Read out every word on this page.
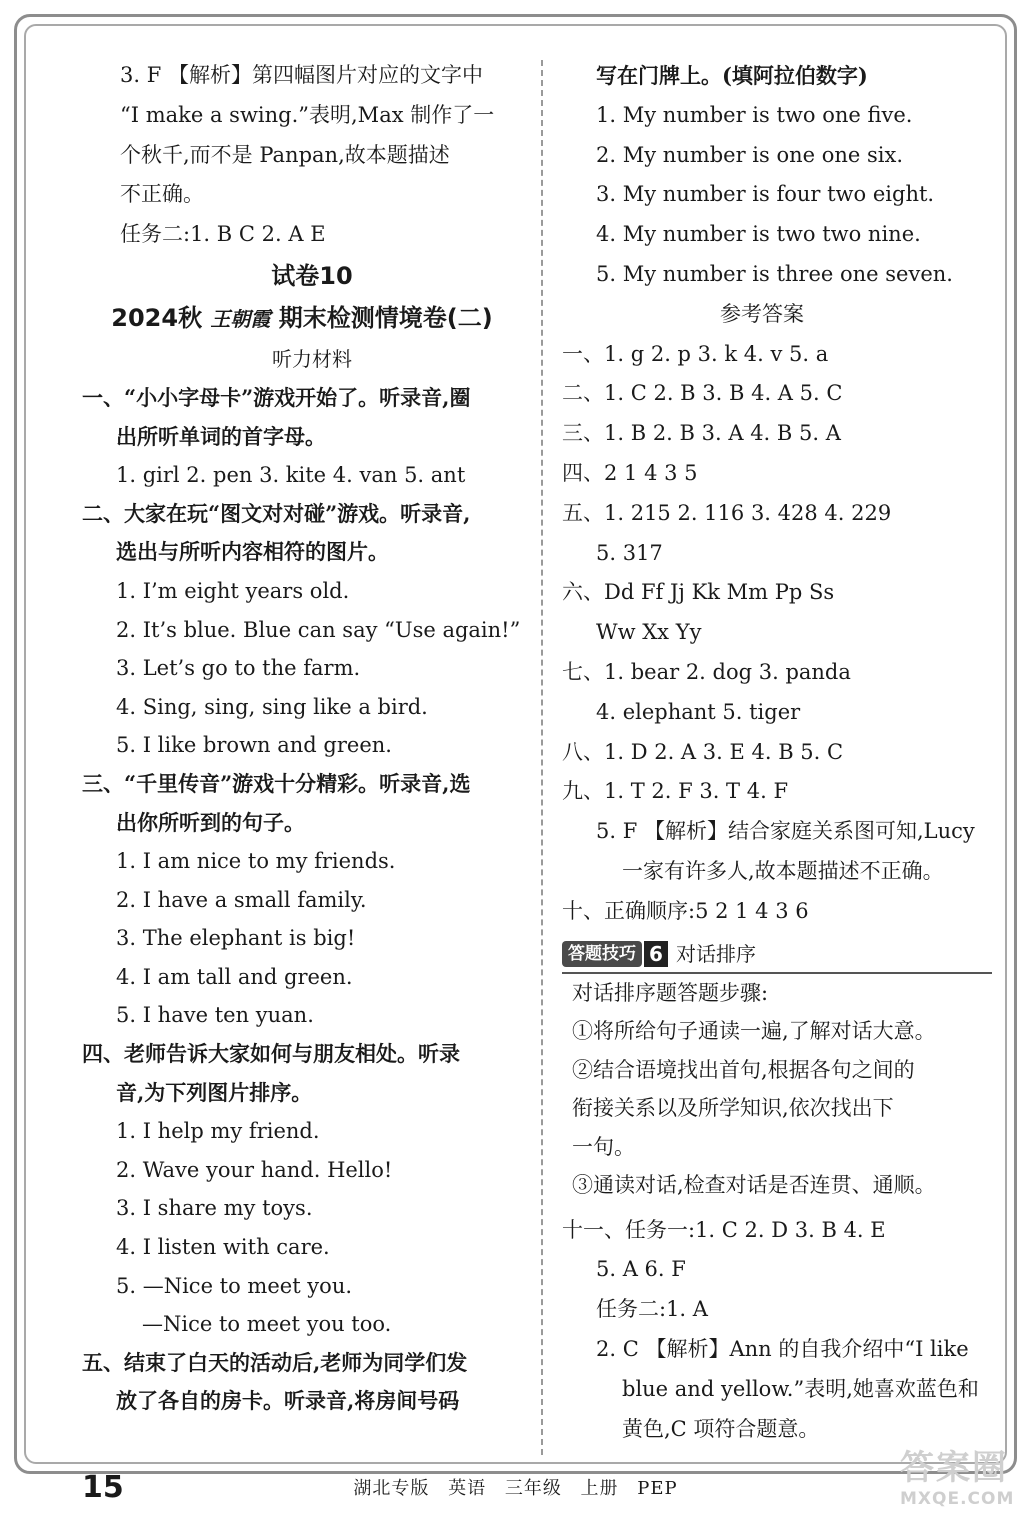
3. F 【解析】第四幅图片对应的文字中
“I make a swing.”表明,Max 制作了一
个秋千,而不是 Panpan,故本题描述
不正确。
任务二:1. B C 2. A E
试卷10
2024秋 王朝霞 期末检测情境卷(二)
听力材料
一、“小小字母卡”游戏开始了。听录音,圈
出所听单词的首字母。
1. girl 2. pen 3. kite 4. van 5. ant
二、大家在玩“图文对对碰”游戏。听录音,
选出与所听内容相符的图片。
1. I’m eight years old.
2. It’s blue. Blue can say “Use again!”
3. Let’s go to the farm.
4. Sing, sing, sing like a bird.
5. I like brown and green.
三、“千里传音”游戏十分精彩。听录音,选
出你所听到的句子。
1. I am nice to my friends.
2. I have a small family.
3. The elephant is big!
4. I am tall and green.
5. I have ten yuan.
四、老师告诉大家如何与朋友相处。听录
音,为下列图片排序。
1. I help my friend.
2. Wave your hand. Hello!
3. I share my toys.
4. I listen with care.
5. —Nice to meet you.
—Nice to meet you too.
五、结束了白天的活动后,老师为同学们发
放了各自的房卡。听录音,将房间号码
写在门牌上。(填阿拉伯数字)
1. My number is two one five.
2. My number is one one six.
3. My number is four two eight.
4. My number is two two nine.
5. My number is three one seven.
参考答案
一、1. g 2. p 3. k 4. v 5. a
二、1. C 2. B 3. B 4. A 5. C
三、1. B 2. B 3. A 4. B 5. A
四、2 1 4 3 5
五、1. 215 2. 116 3. 428 4. 229
5. 317
六、Dd Ff Jj Kk Mm Pp Ss
Ww Xx Yy
七、1. bear 2. dog 3. panda
4. elephant 5. tiger
八、1. D 2. A 3. E 4. B 5. C
九、1. T 2. F 3. T 4. F
5. F 【解析】结合家庭关系图可知,Lucy
一家有许多人,故本题描述不正确。
十、正确顺序:5 2 1 4 3 6
答题技巧 6 对话排序
对话排序题答题步骤:
①将所给句子通读一遍,了解对话大意。
②结合语境找出首句,根据各句之间的
衔接关系以及所学知识,依次找出下
一句。
③通读对话,检查对话是否连贯、通顺。
十一、任务一:1. C 2. D 3. B 4. E
5. A 6. F
任务二:1. A
2. C 【解析】Ann 的自我介绍中“I like
blue and yellow.”表明,她喜欢蓝色和
黄色,C 项符合题意。
15	湖北专版 英语 三年级 上册 PEP
答案圈
MXQE.COM
